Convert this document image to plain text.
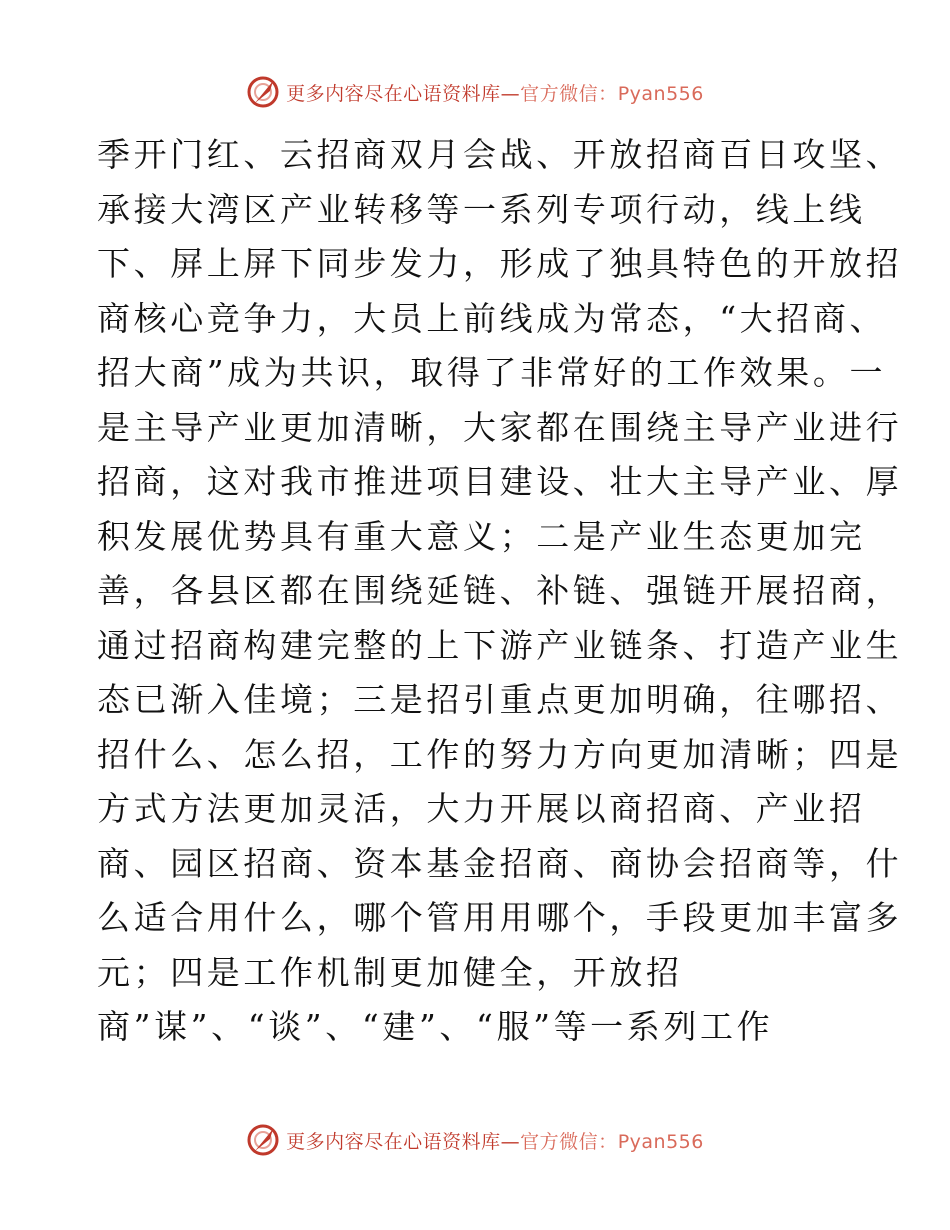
更多内容尽在心语资料库—官方微信：Pyan556
季开门红、云招商双月会战、开放招商百日攻坚、
承接大湾区产业转移等一系列专项行动，线上线
下、屏上屏下同步发力，形成了独具特色的开放招
商核心竞争力，大员上前线成为常态，“大招商、
招大商”成为共识，取得了非常好的工作效果。一
是主导产业更加清晰，大家都在围绕主导产业进行
招商，这对我市推进项目建设、壮大主导产业、厚
积发展优势具有重大意义；二是产业生态更加完
善，各县区都在围绕延链、补链、强链开展招商，
通过招商构建完整的上下游产业链条、打造产业生
态已渐入佳境；三是招引重点更加明确，往哪招、
招什么、怎么招，工作的努力方向更加清晰；四是
方式方法更加灵活，大力开展以商招商、产业招
商、园区招商、资本基金招商、商协会招商等，什
么适合用什么，哪个管用用哪个，手段更加丰富多
元；四是工作机制更加健全，开放招
商”谋”、“谈”、“建”、“服”等一系列工作
更多内容尽在心语资料库—官方微信：Pyan556
